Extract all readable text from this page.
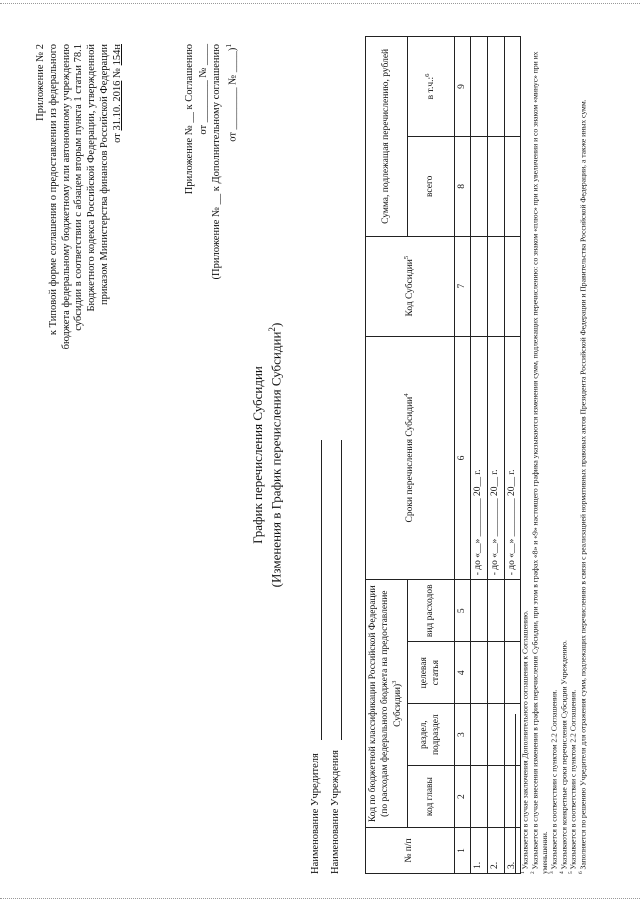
Приложение № 2 к Типовой форме соглашения о предоставлении из федерального бюджета федеральному бюджетному или автономному учреждению субсидии в соответствии с абзацем вторым пункта 1 статьи 78.1 Бюджетного кодекса Российской Федерации, утвержденной приказом Министерства финансов Российской Федерации от 31.10. 2016 № 154н	Приложение № __ к Соглашению от ________ № ____ (Приложение № __ к Дополнительному соглашению от ________ № ____)$^1$
График перечисления Субсидии (Изменения в График перечисления Субсидии$^2$)
Наименование Учредителя Наименование Учреждения	№ п/п	Код по бюджетной классификации Российской Федерации (по расходам федерального бюджета на предоставление Субсидии)$^3$				Сроки перечисления Субсидии$^4$	Код Субсидии$^5$	Сумма, подлежащая перечислению, рублей	
	код главы	раздел, подраздел	целевая статья	вид расходов			всего	в т.ч.:$^6$
1	2	3	4	5	6	7	8	9
1.					- до «__» ________ 20__ г.			
2.					- до «__» ________ 20__ г.			
3.					- до «__» ________ 20__ г.			
$^1$ Указывается в случае заключения Дополнительного соглашения к Соглашению.
$^2$ Указывается в случае внесения изменения в график перечисления Субсидии, при этом в графах «8» и «9» настоящего графика указываются изменения сумм, подлежащих перечислению: со знаком «плюс» при их увеличении и со знаком «минус» при их уменьшении. $^3$ Указывается в соответствии с пунктом 2.2 Соглашения.
$^4$ Указываются конкретные сроки перечисления Субсидии Учреждению.
$^5$ Указывается в соответствии с пунктом 2.2 Соглашения.
$^6$ Заполняется по решению Учредителя для отражения сумм, подлежащих перечислению в связи с реализацией нормативных правовых актов Президента Российской Федерации и Правительства Российской Федерации, а также иных сумм.
